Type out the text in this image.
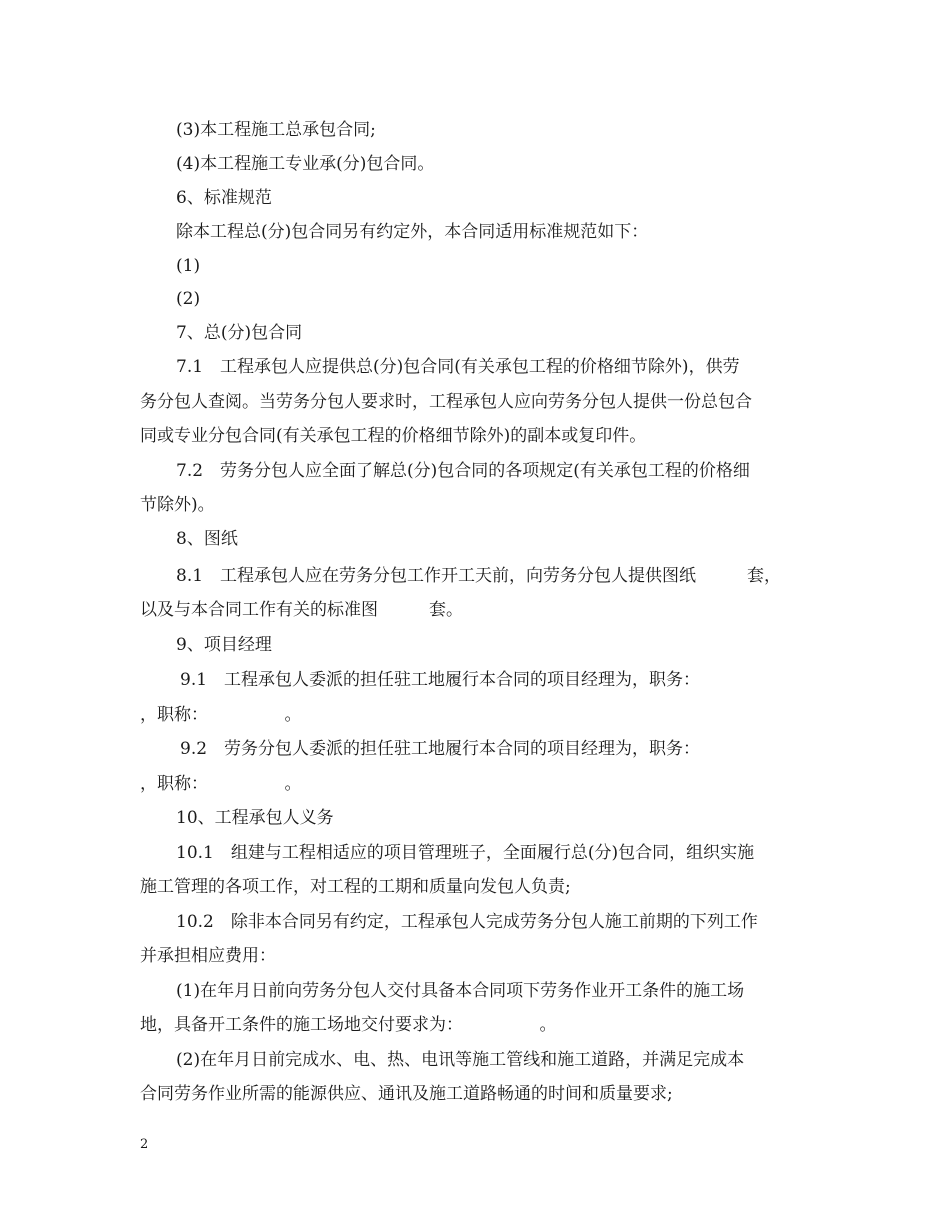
(3)本工程施工总承包合同;
(4)本工程施工专业承(分)包合同。
6、标准规范
除本工程总(分)包合同另有约定外，本合同适用标准规范如下：
(1)
(2)
7、总(分)包合同
7.1　工程承包人应提供总(分)包合同(有关承包工程的价格细节除外)，供劳
务分包人查阅。当劳务分包人要求时，工程承包人应向劳务分包人提供一份总包合
同或专业分包合同(有关承包工程的价格细节除外)的副本或复印件。
7.2　劳务分包人应全面了解总(分)包合同的各项规定(有关承包工程的价格细
节除外)。
8、图纸
8.1　工程承包人应在劳务分包工作开工天前，向劳务分包人提供图纸　　　套，
以及与本合同工作有关的标准图　　　套。
9、项目经理
9.1　工程承包人委派的担任驻工地履行本合同的项目经理为，职务：
，职称：　　　　　。
9.2　劳务分包人委派的担任驻工地履行本合同的项目经理为，职务：
，职称：　　　　　。
10、工程承包人义务
10.1　组建与工程相适应的项目管理班子，全面履行总(分)包合同，组织实施
施工管理的各项工作，对工程的工期和质量向发包人负责;
10.2　除非本合同另有约定，工程承包人完成劳务分包人施工前期的下列工作
并承担相应费用：
(1)在年月日前向劳务分包人交付具备本合同项下劳务作业开工条件的施工场
地，具备开工条件的施工场地交付要求为：　　　　　。
(2)在年月日前完成水、电、热、电讯等施工管线和施工道路，并满足完成本
合同劳务作业所需的能源供应、通讯及施工道路畅通的时间和质量要求;
2
